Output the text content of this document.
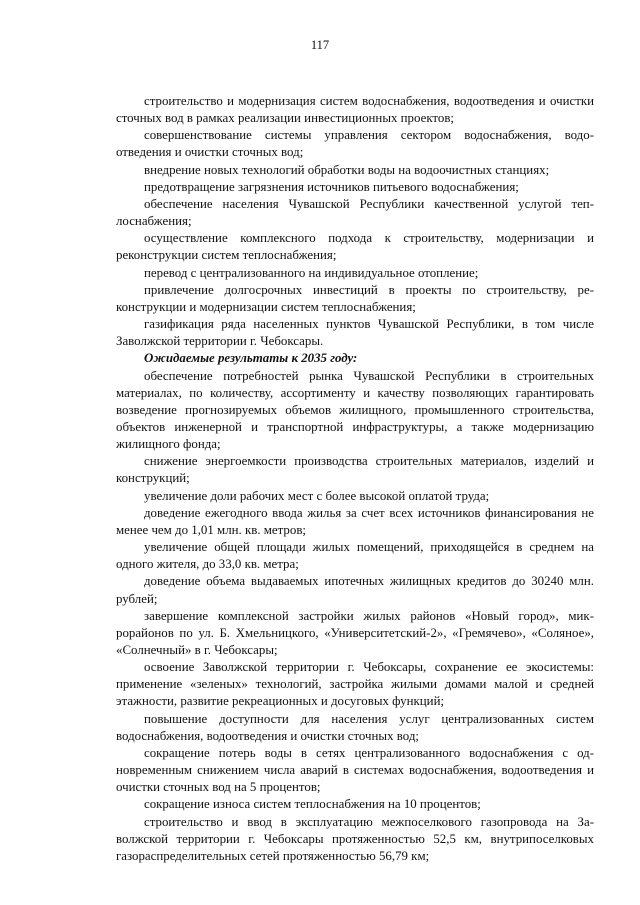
117

строительство и модернизация систем водоснабжения, водоотведения и очистки сточных вод в рамках реализации инвестиционных проектов;

совершенствование системы управления сектором водоснабжения, водоотведения и очистки сточных вод;

внедрение новых технологий обработки воды на водоочистных станциях;

предотвращение загрязнения источников питьевого водоснабжения;

обеспечение населения Чувашской Республики качественной услугой теплоснабжения;

осуществление комплексного подхода к строительству, модернизации и реконструкции систем теплоснабжения;

перевод с централизованного на индивидуальное отопление;

привлечение долгосрочных инвестиций в проекты по строительству, реконструкции и модернизации систем теплоснабжения;

газификация ряда населенных пунктов Чувашской Республики, в том числе Заволжской территории г. Чебоксары.

Ожидаемые результаты к 2035 году:

обеспечение потребностей рынка Чувашской Республики в строительных материалах, по количеству, ассортименту и качеству позволяющих гарантировать возведение прогнозируемых объемов жилищного, промышленного строительства, объектов инженерной и транспортной инфраструктуры, а также модернизацию жилищного фонда;

снижение энергоемкости производства строительных материалов, изделий и конструкций;

увеличение доли рабочих мест с более высокой оплатой труда;

доведение ежегодного ввода жилья за счет всех источников финансирования не менее чем до 1,01 млн. кв. метров;

увеличение общей площади жилых помещений, приходящейся в среднем на одного жителя, до 33,0 кв. метра;

доведение объема выдаваемых ипотечных жилищных кредитов до 30240 млн. рублей;

завершение комплексной застройки жилых районов «Новый город», микрорайонов по ул. Б. Хмельницкого, «Университетский-2», «Гремячево», «Соляное», «Солнечный» в г. Чебоксары;

освоение Заволжской территории г. Чебоксары, сохранение ее экосистемы: применение «зеленых» технологий, застройка жилыми домами малой и средней этажности, развитие рекреационных и досуговых функций;

повышение доступности для населения услуг централизованных систем водоснабжения, водоотведения и очистки сточных вод;

сокращение потерь воды в сетях централизованного водоснабжения с одновременным снижением числа аварий в системах водоснабжения, водоотведения и очистки сточных вод на 5 процентов;

сокращение износа систем теплоснабжения на 10 процентов;

строительство и ввод в эксплуатацию межпоселкового газопровода на Заволжской территории г. Чебоксары протяженностью 52,5 км, внутрипоселковых газораспределительных сетей протяженностью 56,79 км;
